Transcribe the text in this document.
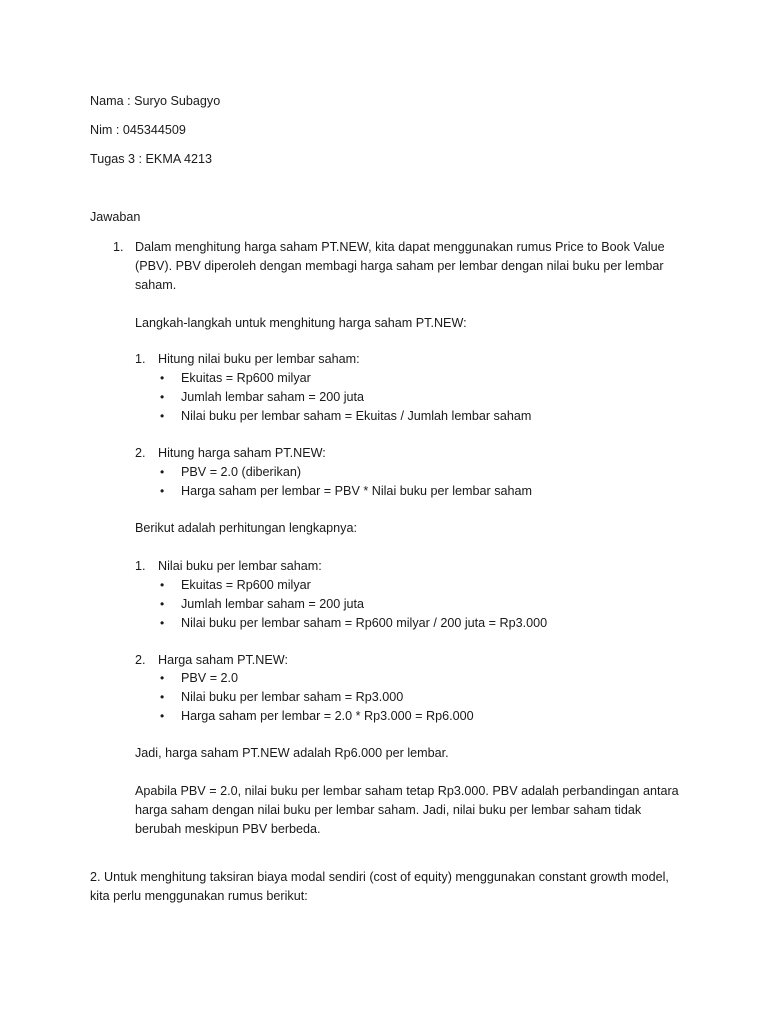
Nama : Suryo Subagyo
Nim : 045344509
Tugas 3 : EKMA 4213
Jawaban
1. Dalam menghitung harga saham PT.NEW, kita dapat menggunakan rumus Price to Book Value
(PBV). PBV diperoleh dengan membagi harga saham per lembar dengan nilai buku per lembar
saham.
Langkah-langkah untuk menghitung harga saham PT.NEW:
1. Hitung nilai buku per lembar saham:
• Ekuitas = Rp600 milyar
• Jumlah lembar saham = 200 juta
• Nilai buku per lembar saham = Ekuitas / Jumlah lembar saham
2. Hitung harga saham PT.NEW:
• PBV = 2.0 (diberikan)
• Harga saham per lembar = PBV * Nilai buku per lembar saham
Berikut adalah perhitungan lengkapnya:
1. Nilai buku per lembar saham:
• Ekuitas = Rp600 milyar
• Jumlah lembar saham = 200 juta
• Nilai buku per lembar saham = Rp600 milyar / 200 juta = Rp3.000
2. Harga saham PT.NEW:
• PBV = 2.0
• Nilai buku per lembar saham = Rp3.000
• Harga saham per lembar = 2.0 * Rp3.000 = Rp6.000
Jadi, harga saham PT.NEW adalah Rp6.000 per lembar.
Apabila PBV = 2.0, nilai buku per lembar saham tetap Rp3.000. PBV adalah perbandingan antara
harga saham dengan nilai buku per lembar saham. Jadi, nilai buku per lembar saham tidak
berubah meskipun PBV berbeda.
2. Untuk menghitung taksiran biaya modal sendiri (cost of equity) menggunakan constant growth model,
kita perlu menggunakan rumus berikut:
